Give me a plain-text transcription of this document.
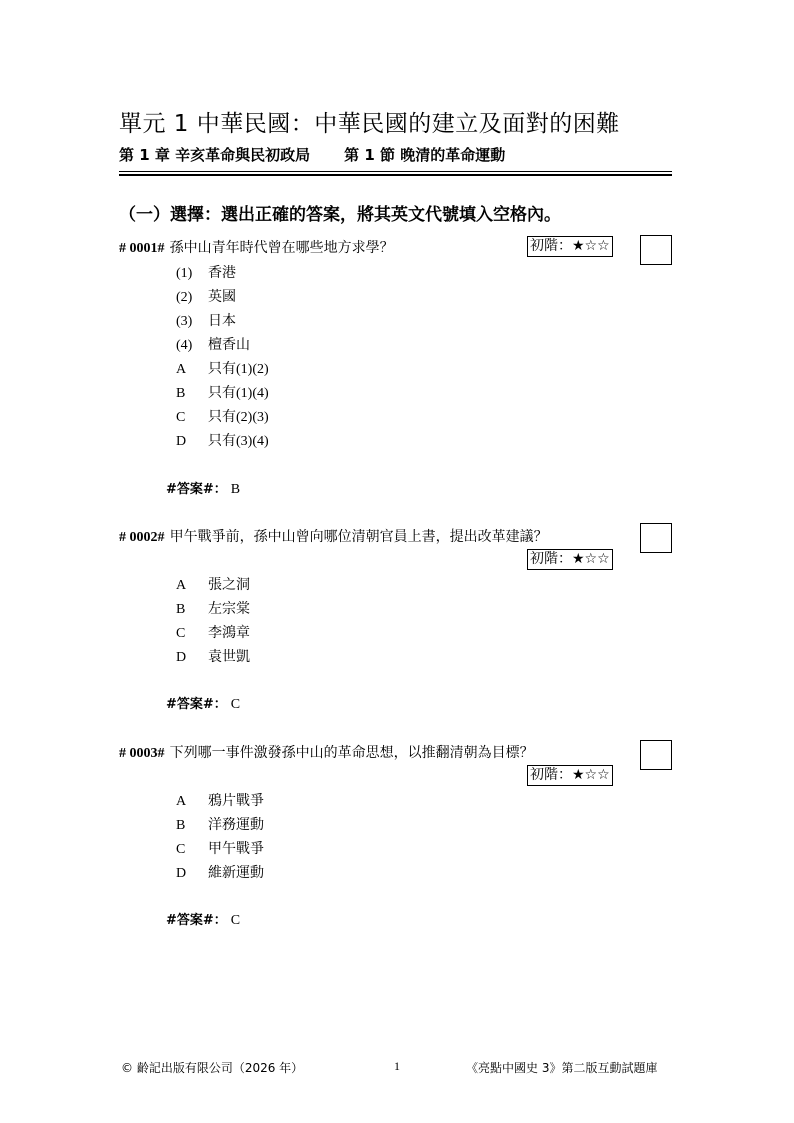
單元 1 中華民國：中華民國的建立及面對的困難
第 1 章 辛亥革命與民初政局 第 1 節 晚清的革命運動
（一）選擇：選出正確的答案，將其英文代號填入空格內。
# 0001# 孫中山青年時代曾在哪些地方求學？	初階：★☆☆
(1) 香港
(2) 英國
(3) 日本
(4) 檀香山
A 只有(1)(2)
B 只有(1)(4)
C 只有(2)(3)
D 只有(3)(4)
#答案#： B
# 0002# 甲午戰爭前，孫中山曾向哪位清朝官員上書，提出改革建議？
初階：★☆☆
A 張之洞
B 左宗棠
C 李鴻章
D 袁世凱
#答案#： C
# 0003# 下列哪一事件激發孫中山的革命思想，以推翻清朝為目標？
初階：★☆☆
A 鴉片戰爭
B 洋務運動
C 甲午戰爭
D 維新運動
#答案#： C
© 齡記出版有限公司（2026 年）	1	《亮點中國史 3》第二版互動試題庫
